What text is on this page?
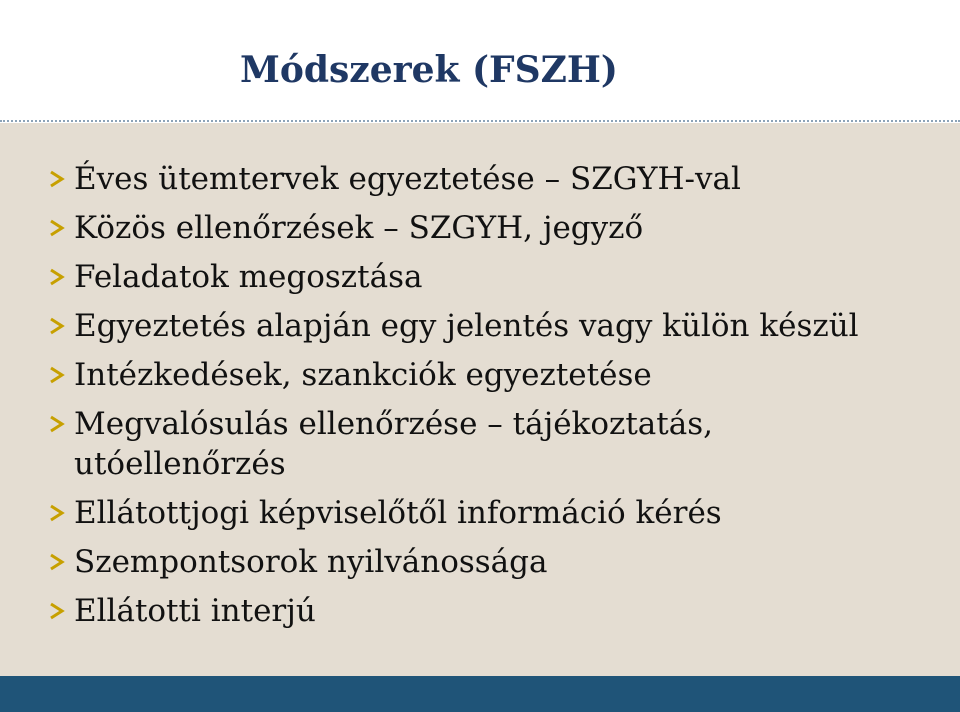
Módszerek (FSZH)
Éves ütemtervek egyeztetése – SZGYH-val
Közös ellenőrzések – SZGYH, jegyző
Feladatok megosztása
Egyeztetés alapján egy jelentés vagy külön készül
Intézkedések, szankciók egyeztetése
Megvalósulás ellenőrzése – tájékoztatás, utóellenőrzés
Ellátottjogi képviselőtől információ kérés
Szempontsorok nyilvánossága
Ellátotti interjú
